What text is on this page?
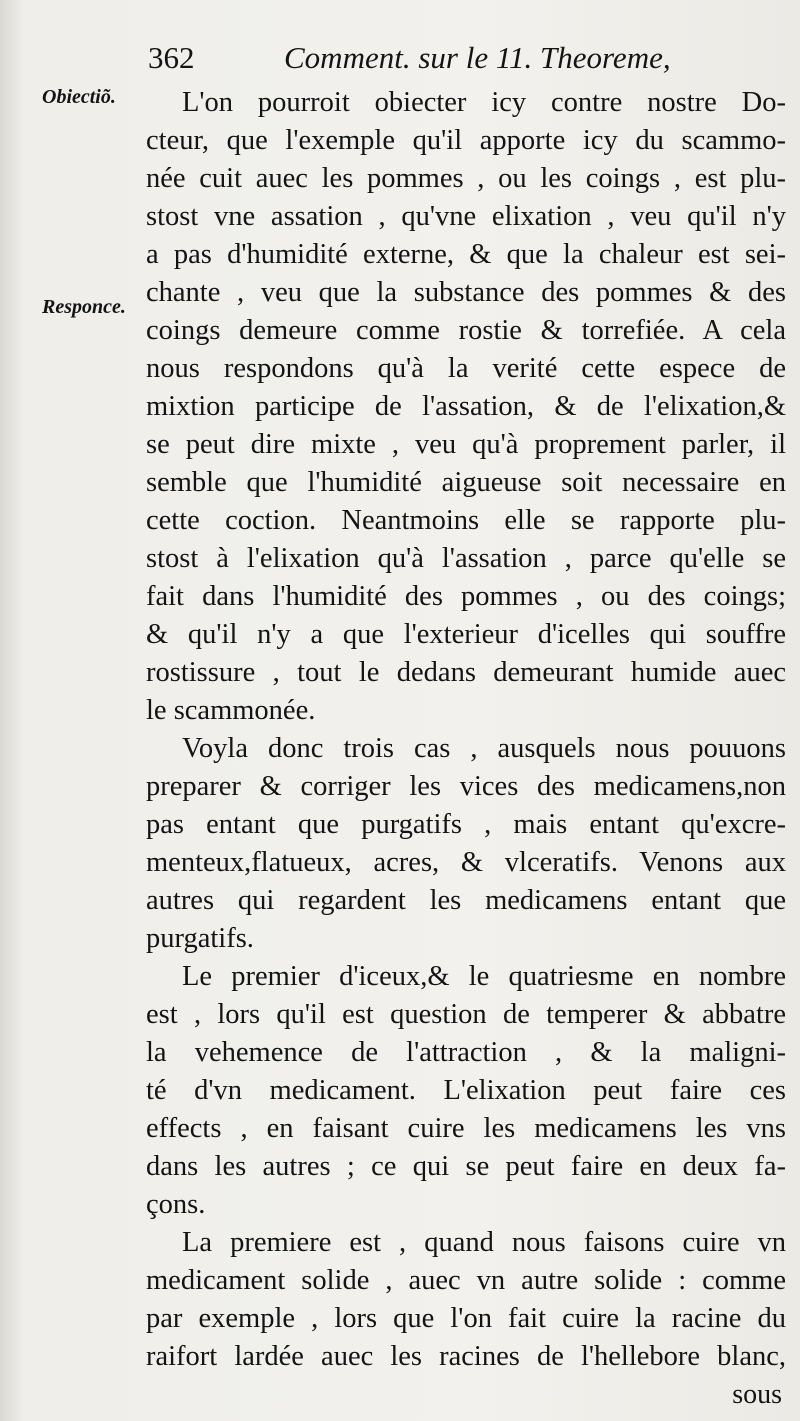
362	Comment. sur le 11. Theoreme,
Obiectiõ.
Responce.
L'on pourroit obiecter icy contre nostre Do-
cteur, que l'exemple qu'il apporte icy du scammo-
née cuit auec les pommes , ou les coings , est plu-
stost vne assation , qu'vne elixation , veu qu'il n'y
a pas d'humidité externe, & que la chaleur est sei-
chante , veu que la substance des pommes & des
coings demeure comme rostie & torrefiée. A cela
nous respondons qu'à la verité cette espece de
mixtion participe de l'assation, & de l'elixation,&
se peut dire mixte , veu qu'à proprement parler, il
semble que l'humidité aigueuse soit necessaire en
cette coction. Neantmoins elle se rapporte plu-
stost à l'elixation qu'à l'assation , parce qu'elle se
fait dans l'humidité des pommes , ou des coings;
& qu'il n'y a que l'exterieur d'icelles qui souffre
rostissure , tout le dedans demeurant humide auec
le scammonée.
Voyla donc trois cas , ausquels nous pouuons
preparer & corriger les vices des medicamens,non
pas entant que purgatifs , mais entant qu'excre-
menteux,flatueux, acres, & vlceratifs. Venons aux
autres qui regardent les medicamens entant que
purgatifs.
Le premier d'iceux,& le quatriesme en nombre
est , lors qu'il est question de temperer & abbatre
la vehemence de l'attraction , & la maligni-
té d'vn medicament. L'elixation peut faire ces
effects , en faisant cuire les medicamens les vns
dans les autres ; ce qui se peut faire en deux fa-
çons.
La premiere est , quand nous faisons cuire vn
medicament solide , auec vn autre solide : comme
par exemple , lors que l'on fait cuire la racine du
raifort lardée auec les racines de l'hellebore blanc,
sous
